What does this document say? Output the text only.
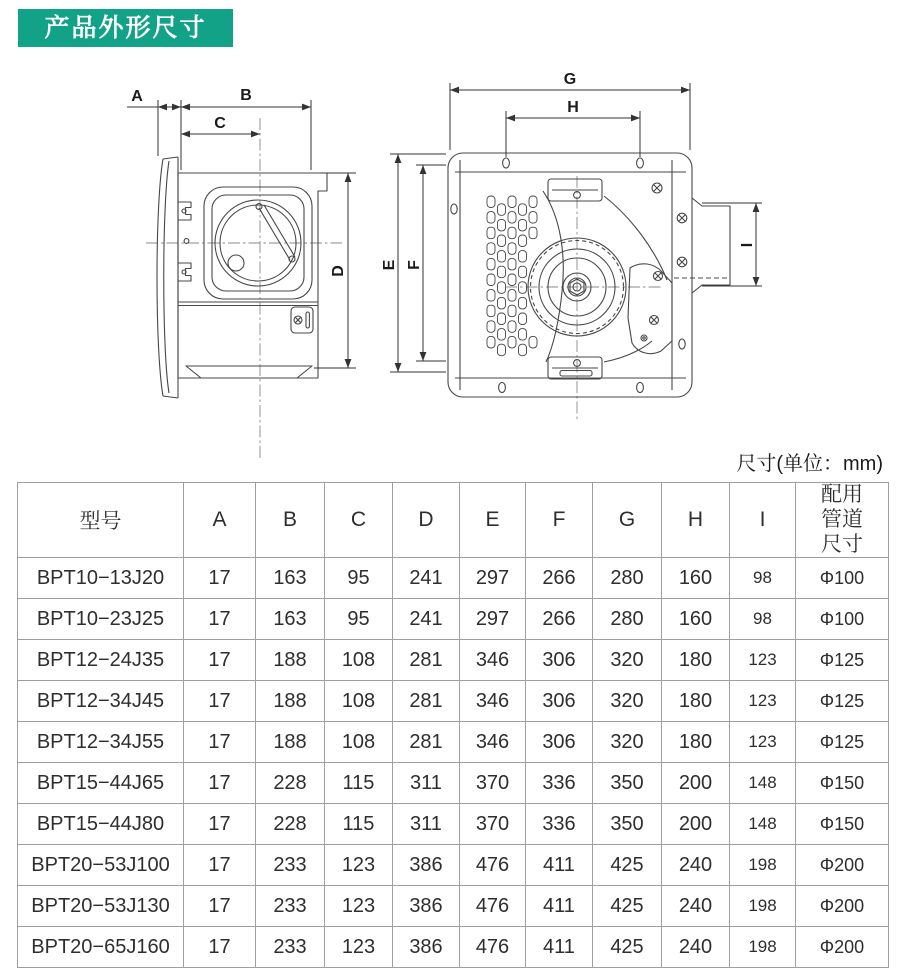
产品外形尺寸
A	B
C
D
E F
G
H
I
尺寸(单位：mm)
型号	A	B	C	D	E	F	G	H	I	配用管道尺寸
BPT10−13J20	17	163	95	241	297	266	280	160	98	Φ100
BPT10−23J25	17	163	95	241	297	266	280	160	98	Φ100
BPT12−24J35	17	188	108	281	346	306	320	180	123	Φ125
BPT12−34J45	17	188	108	281	346	306	320	180	123	Φ125
BPT12−34J55	17	188	108	281	346	306	320	180	123	Φ125
BPT15−44J65	17	228	115	311	370	336	350	200	148	Φ150
BPT15−44J80	17	228	115	311	370	336	350	200	148	Φ150
BPT20−53J100	17	233	123	386	476	411	425	240	198	Φ200
BPT20−53J130	17	233	123	386	476	411	425	240	198	Φ200
BPT20−65J160	17	233	123	386	476	411	425	240	198	Φ200
